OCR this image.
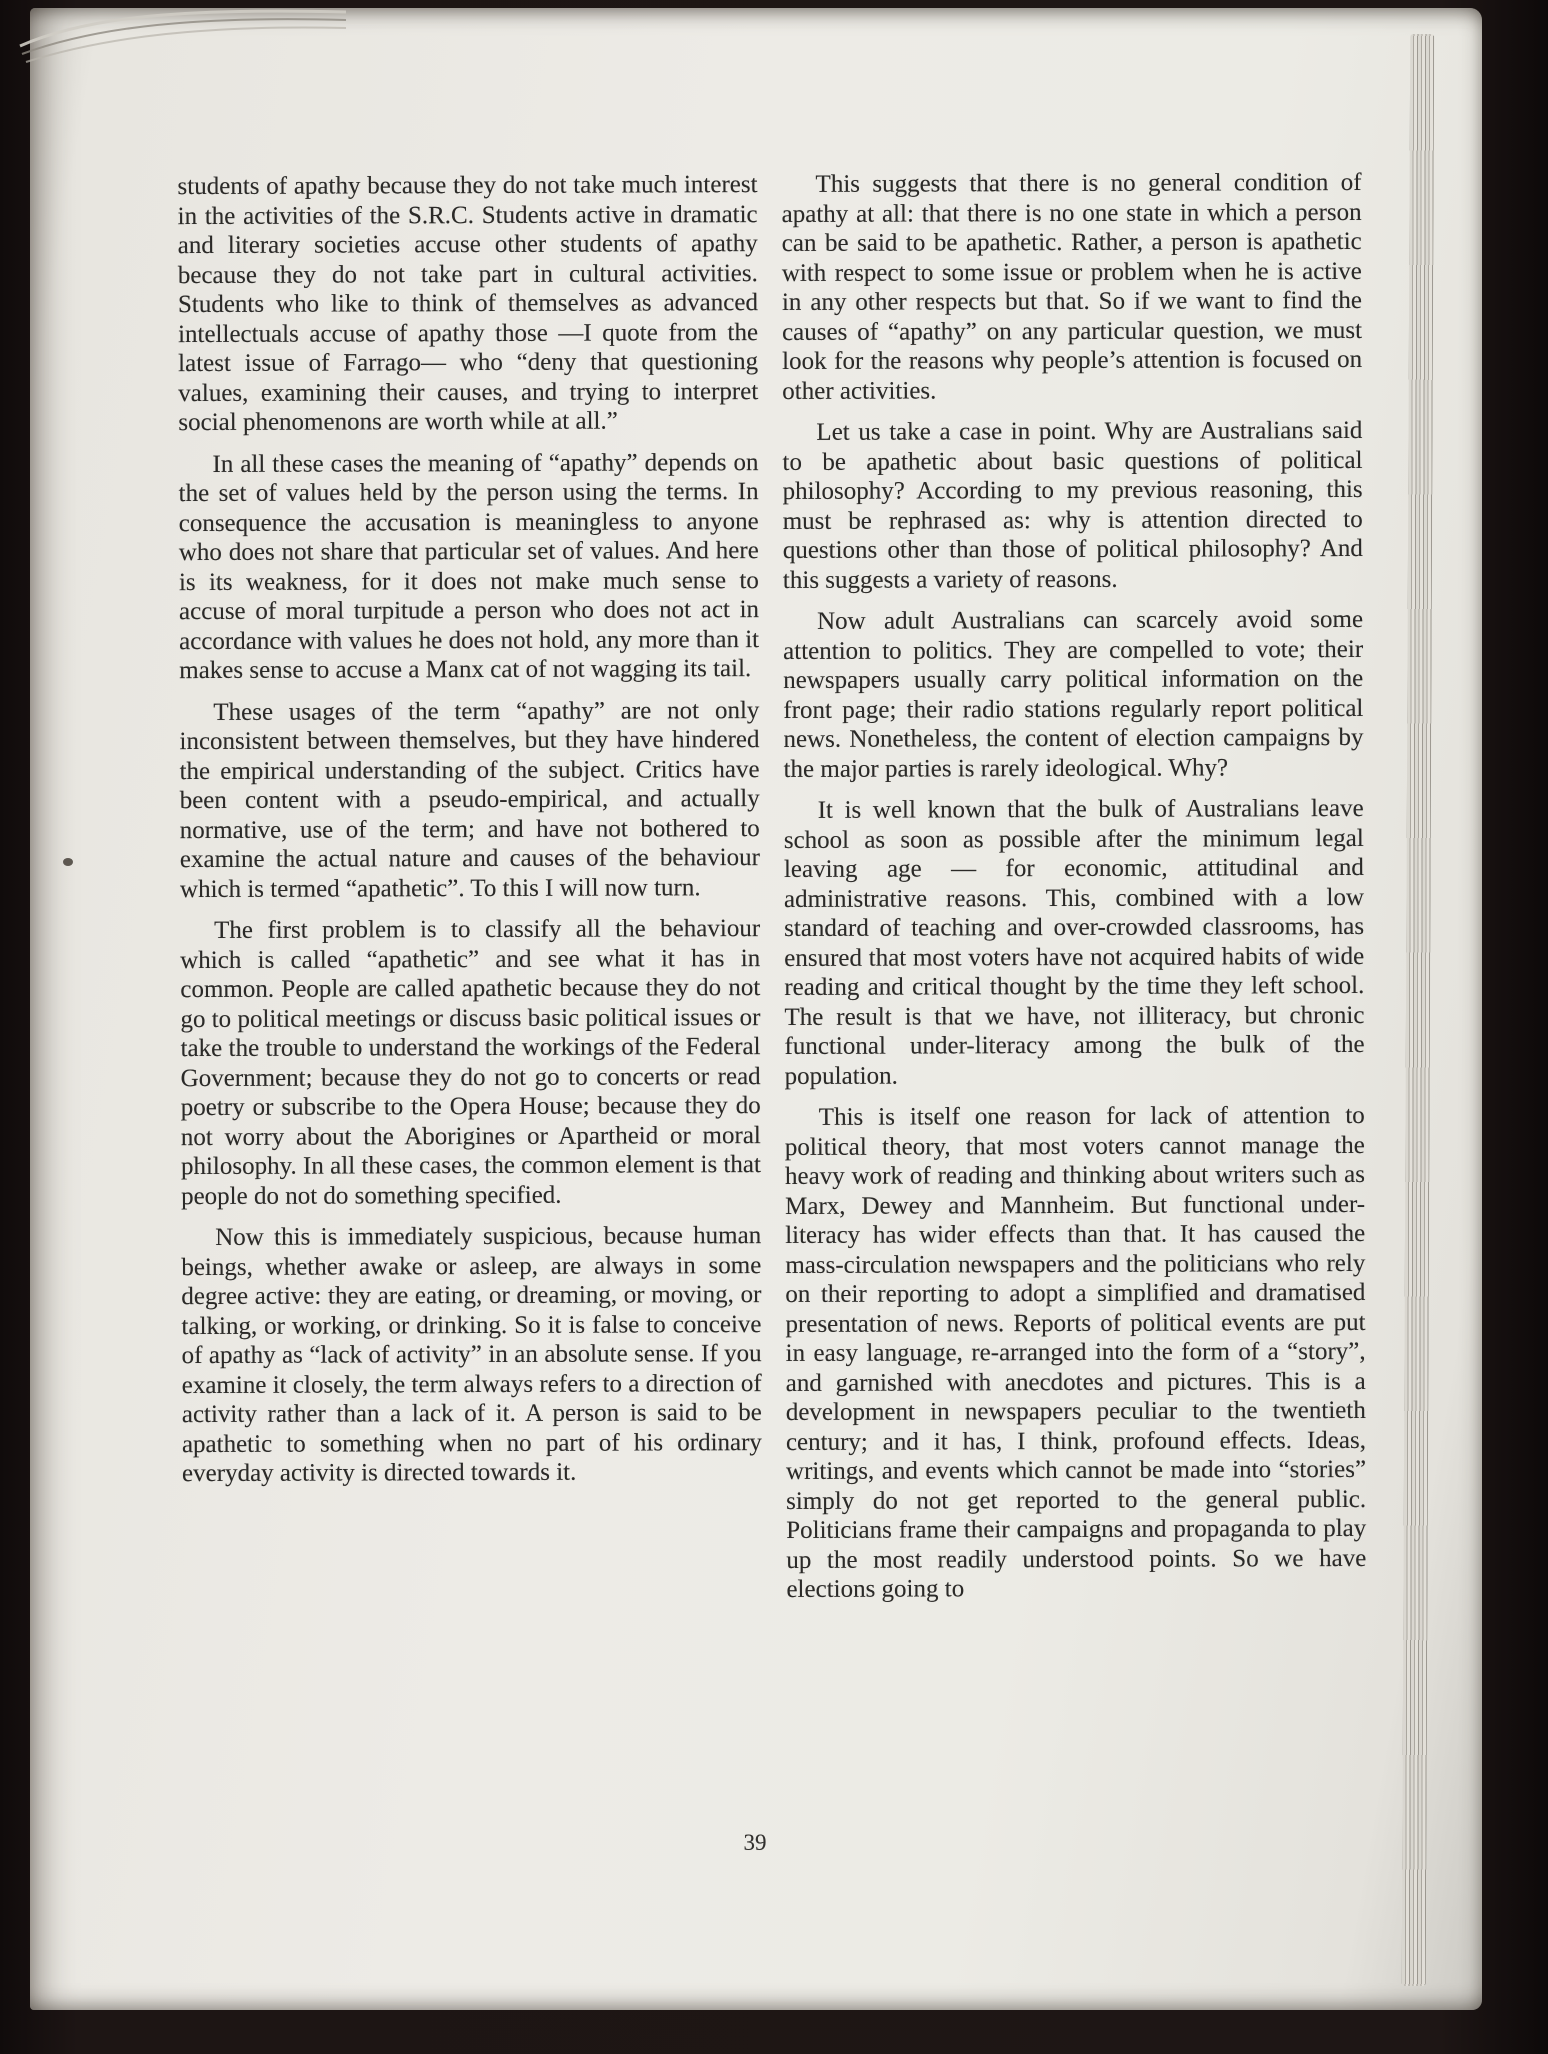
students of apathy because they do not take much interest in the activities of the S.R.C. Students active in dramatic and literary societies accuse other students of apathy because they do not take part in cultural activities. Students who like to think of themselves as advanced intellectuals accuse of apathy those —I quote from the latest issue of Farrago— who “deny that questioning values, examining their causes, and trying to interpret social phenomenons are worth while at all.”

In all these cases the meaning of “apathy” depends on the set of values held by the person using the terms. In consequence the accusation is meaningless to anyone who does not share that particular set of values. And here is its weakness, for it does not make much sense to accuse of moral turpitude a person who does not act in accordance with values he does not hold, any more than it makes sense to accuse a Manx cat of not wagging its tail.

These usages of the term “apathy” are not only inconsistent between themselves, but they have hindered the empirical understanding of the subject. Critics have been content with a pseudo-empirical, and actually normative, use of the term; and have not bothered to examine the actual nature and causes of the behaviour which is termed “apathetic”. To this I will now turn.

The first problem is to classify all the behaviour which is called “apathetic” and see what it has in common. People are called apathetic because they do not go to political meetings or discuss basic political issues or take the trouble to understand the workings of the Federal Government; because they do not go to concerts or read poetry or subscribe to the Opera House; because they do not worry about the Aborigines or Apartheid or moral philosophy. In all these cases, the common element is that people do not do something specified.

Now this is immediately suspicious, because human beings, whether awake or asleep, are always in some degree active: they are eating, or dreaming, or moving, or talking, or working, or drinking. So it is false to conceive of apathy as “lack of activity” in an absolute sense. If you examine it closely, the term always refers to a direction of activity rather than a lack of it. A person is said to be apathetic to something when no part of his ordinary everyday activity is directed towards it.

This suggests that there is no general condition of apathy at all: that there is no one state in which a person can be said to be apathetic. Rather, a person is apathetic with respect to some issue or problem when he is active in any other respects but that. So if we want to find the causes of “apathy” on any particular question, we must look for the reasons why people’s attention is focused on other activities.

Let us take a case in point. Why are Australians said to be apathetic about basic questions of political philosophy? According to my previous reasoning, this must be rephrased as: why is attention directed to questions other than those of political philosophy? And this suggests a variety of reasons.

Now adult Australians can scarcely avoid some attention to politics. They are compelled to vote; their newspapers usually carry political information on the front page; their radio stations regularly report political news. Nonetheless, the content of election campaigns by the major parties is rarely ideological. Why?

It is well known that the bulk of Australians leave school as soon as possible after the minimum legal leaving age — for economic, attitudinal and administrative reasons. This, combined with a low standard of teaching and over-crowded classrooms, has ensured that most voters have not acquired habits of wide reading and critical thought by the time they left school. The result is that we have, not illiteracy, but chronic functional under-literacy among the bulk of the population.

This is itself one reason for lack of attention to political theory, that most voters cannot manage the heavy work of reading and thinking about writers such as Marx, Dewey and Mannheim. But functional under-literacy has wider effects than that. It has caused the mass-circulation newspapers and the politicians who rely on their reporting to adopt a simplified and dramatised presentation of news. Reports of political events are put in easy language, re-arranged into the form of a “story”, and garnished with anecdotes and pictures. This is a development in newspapers peculiar to the twentieth century; and it has, I think, profound effects. Ideas, writings, and events which cannot be made into “stories” simply do not get reported to the general public. Politicians frame their campaigns and propaganda to play up the most readily understood points. So we have elections going to

39
